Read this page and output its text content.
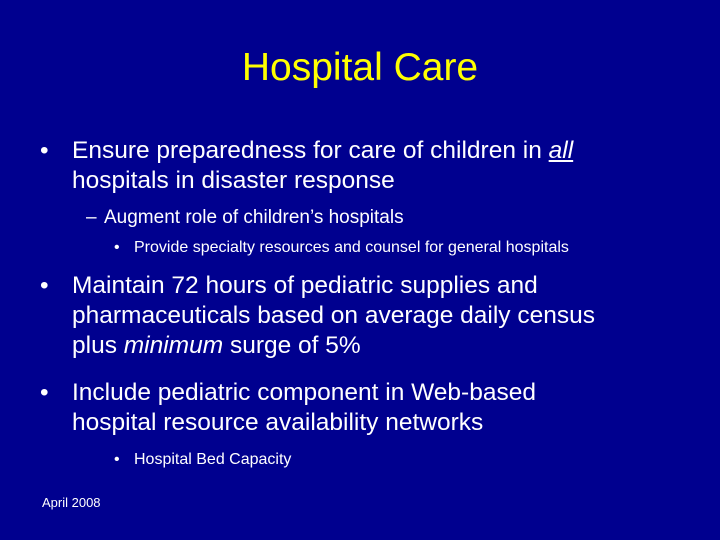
Hospital Care
• Ensure preparedness for care of children in all
hospitals in disaster response
– Augment role of children’s hospitals
• Provide specialty resources and counsel for general hospitals
• Maintain 72 hours of pediatric supplies and
pharmaceuticals based on average daily census
plus minimum surge of 5%
• Include pediatric component in Web-based
hospital resource availability networks
• Hospital Bed Capacity
April 2008
